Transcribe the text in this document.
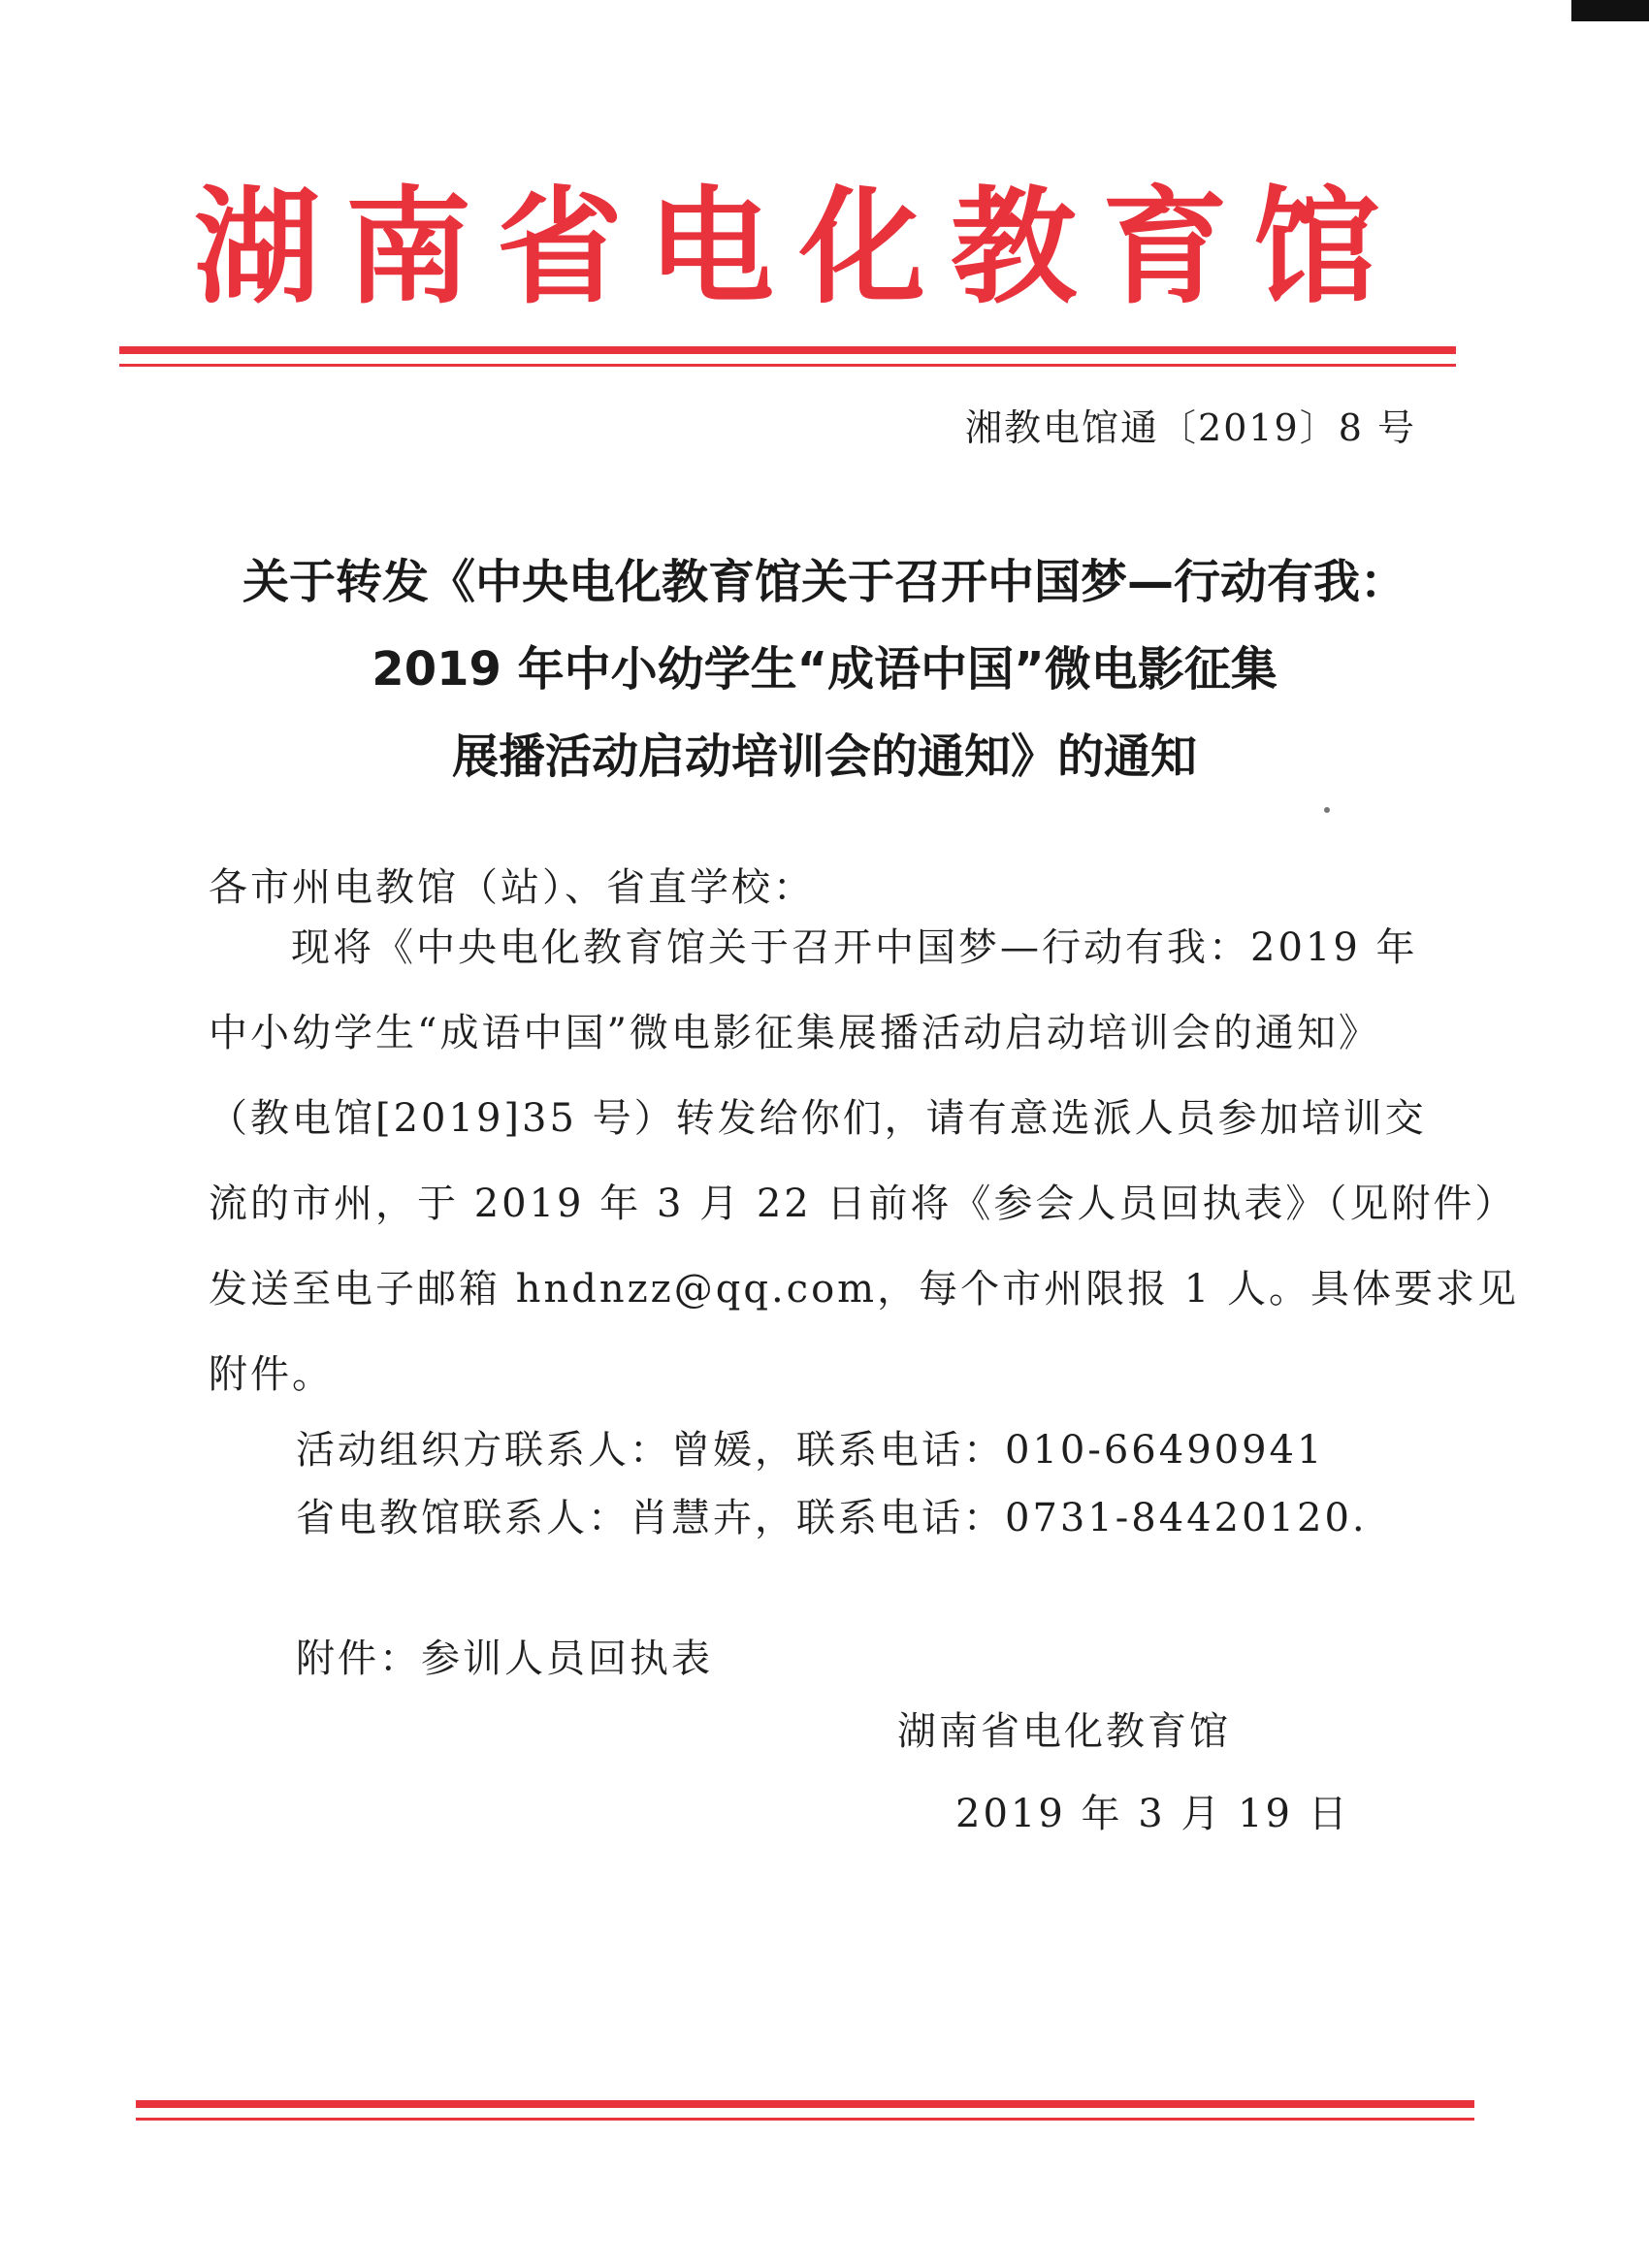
湖南省电化教育馆
湘教电馆通〔2019〕8 号
关于转发《中央电化教育馆关于召开中国梦—行动有我：
2019 年中小幼学生“成语中国”微电影征集
展播活动启动培训会的通知》的通知
各市州电教馆（站）、省直学校：
现将《中央电化教育馆关于召开中国梦—行动有我：2019 年
中小幼学生“成语中国”微电影征集展播活动启动培训会的通知》
（教电馆[2019]35 号）转发给你们，请有意选派人员参加培训交
流的市州，于 2019 年 3 月 22 日前将《参会人员回执表》（见附件）
发送至电子邮箱 hndnzz@qq.com，每个市州限报 1 人。具体要求见
附件。
活动组织方联系人：曾媛，联系电话：010-66490941
省电教馆联系人：肖慧卉，联系电话：0731-84420120.
附件：参训人员回执表
湖南省电化教育馆
2019 年 3 月 19 日
